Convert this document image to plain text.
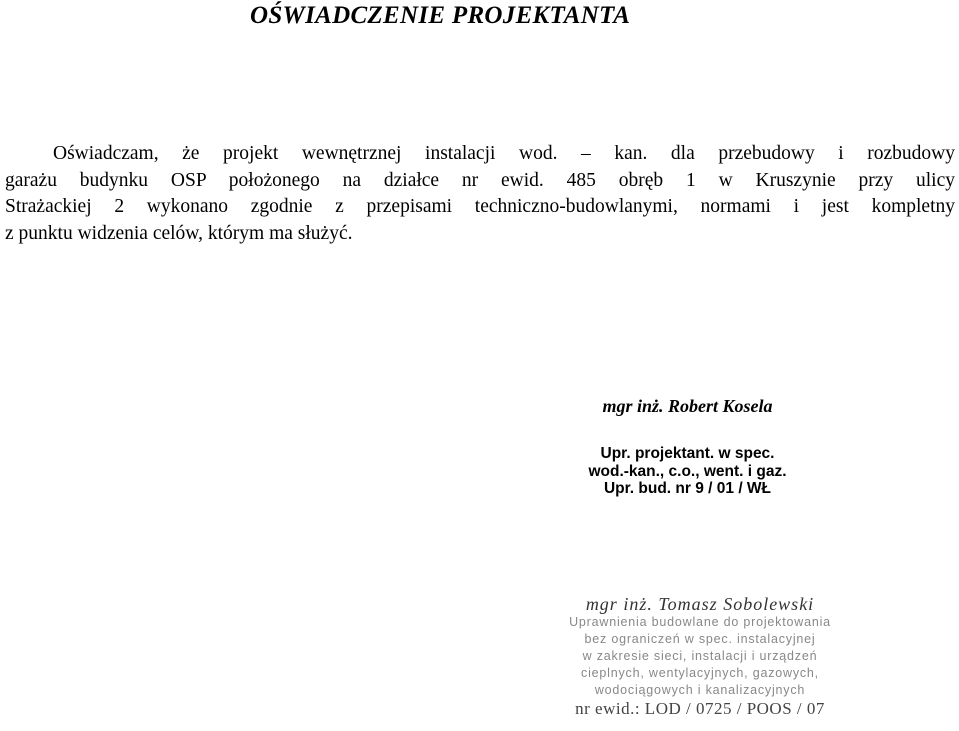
OŚWIADCZENIE PROJEKTANTA
Oświadczam, że projekt wewnętrznej instalacji wod. – kan. dla przebudowy i rozbudowy
garażu budynku OSP położonego na działce nr ewid. 485 obręb 1 w Kruszynie przy ulicy
Strażackiej 2 wykonano zgodnie z przepisami techniczno-budowlanymi, normami i jest kompletny
z punktu widzenia celów, którym ma służyć.
mgr inż. Robert Kosela
Upr. projektant. w spec.
wod.-kan., c.o., went. i gaz.
Upr. bud. nr 9 / 01 / WŁ
mgr inż. Tomasz Sobolewski
Uprawnienia budowlane do projektowania
bez ograniczeń w spec. instalacyjnej
w zakresie sieci, instalacji i urządzeń
cieplnych, wentylacyjnych, gazowych,
wodociągowych i kanalizacyjnych
nr ewid.: LOD / 0725 / POOS / 07
